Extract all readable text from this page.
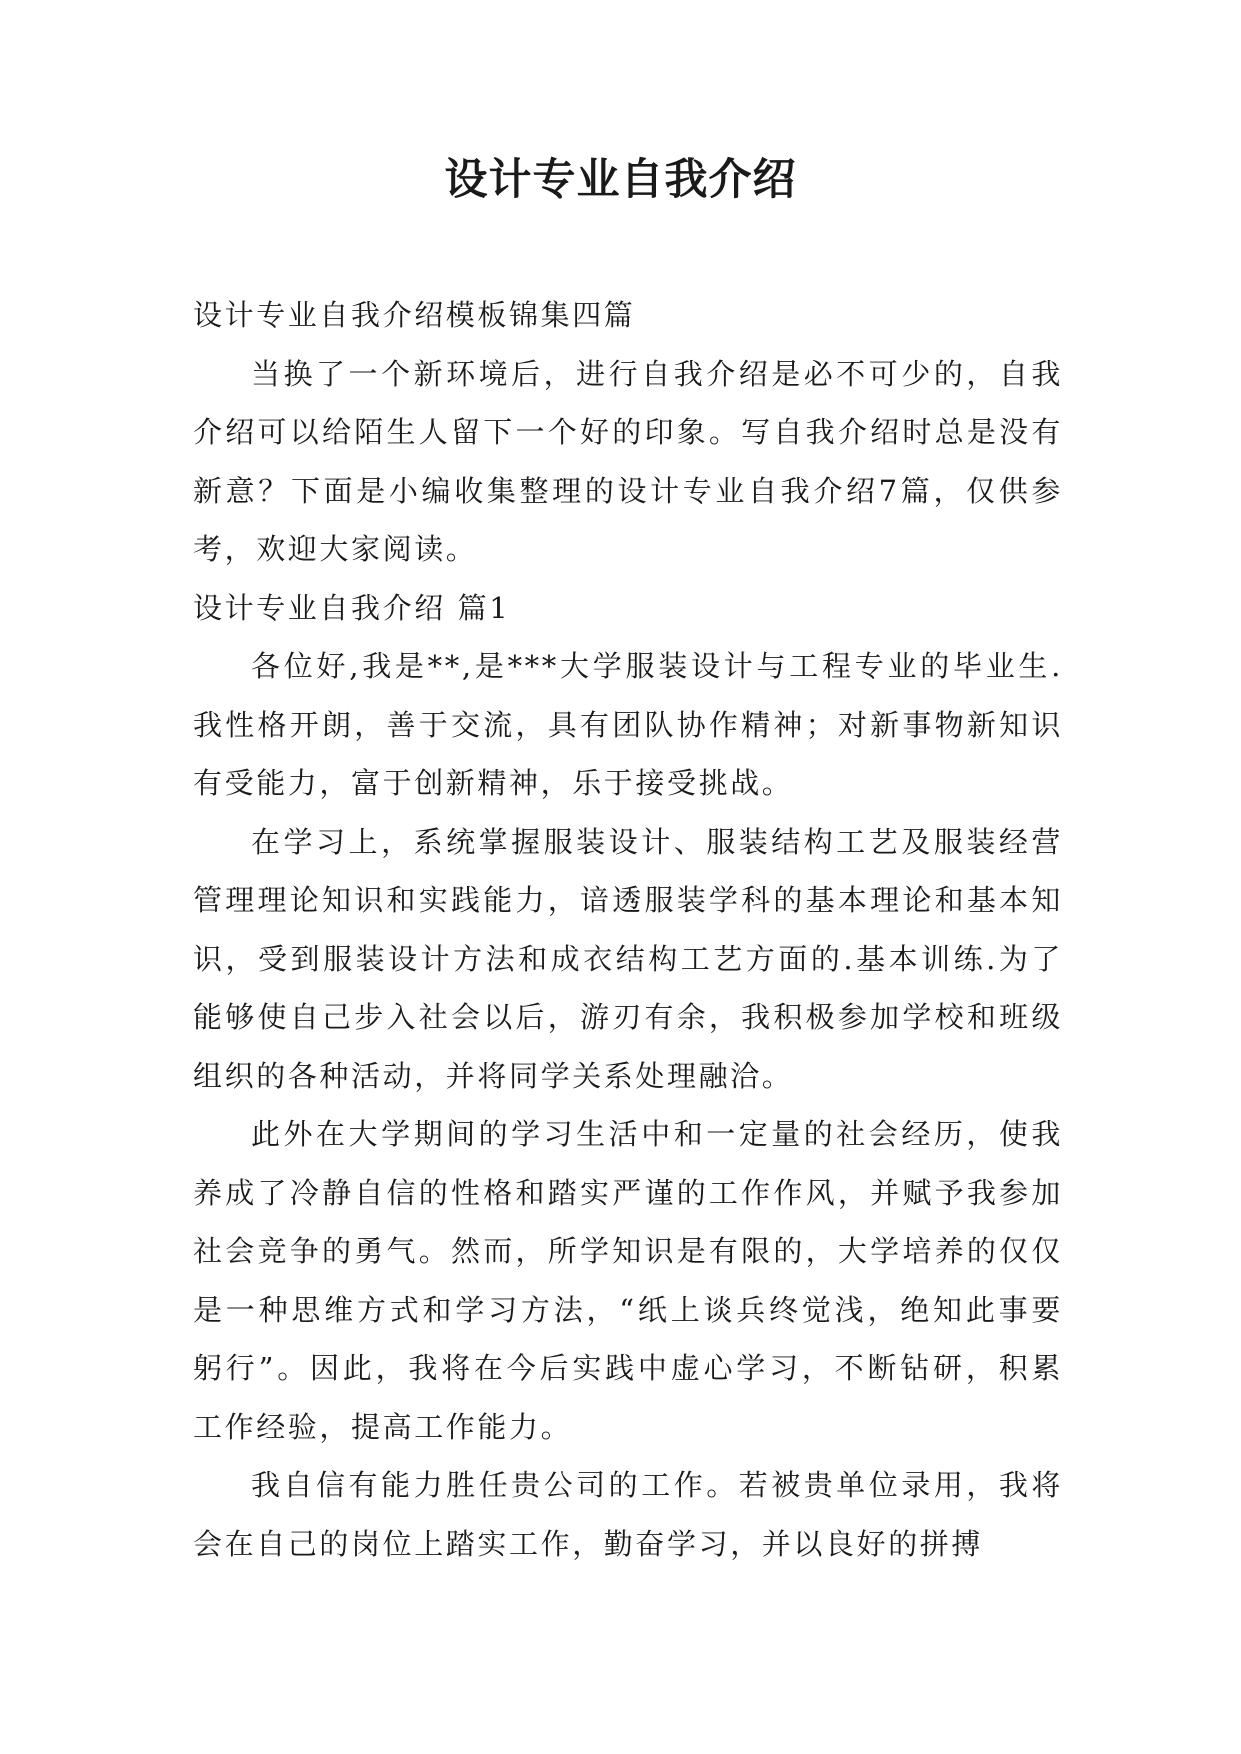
设计专业自我介绍

设计专业自我介绍模板锦集四篇

当换了一个新环境后，进行自我介绍是必不可少的，自我介绍可以给陌生人留下一个好的印象。写自我介绍时总是没有新意？下面是小编收集整理的设计专业自我介绍7篇，仅供参考，欢迎大家阅读。

设计专业自我介绍 篇1

各位好,我是**,是***大学服装设计与工程专业的毕业生.我性格开朗，善于交流，具有团队协作精神；对新事物新知识有受能力，富于创新精神，乐于接受挑战。

在学习上，系统掌握服装设计、服装结构工艺及服装经营管理理论知识和实践能力，谙透服装学科的基本理论和基本知识，受到服装设计方法和成衣结构工艺方面的.基本训练.为了能够使自己步入社会以后，游刃有余，我积极参加学校和班级组织的各种活动，并将同学关系处理融洽。

此外在大学期间的学习生活中和一定量的社会经历，使我养成了冷静自信的性格和踏实严谨的工作作风，并赋予我参加社会竞争的勇气。然而，所学知识是有限的，大学培养的仅仅是一种思维方式和学习方法，“纸上谈兵终觉浅，绝知此事要躬行”。因此，我将在今后实践中虚心学习，不断钻研，积累工作经验，提高工作能力。

我自信有能力胜任贵公司的工作。若被贵单位录用，我将会在自己的岗位上踏实工作，勤奋学习，并以良好的拼搏
